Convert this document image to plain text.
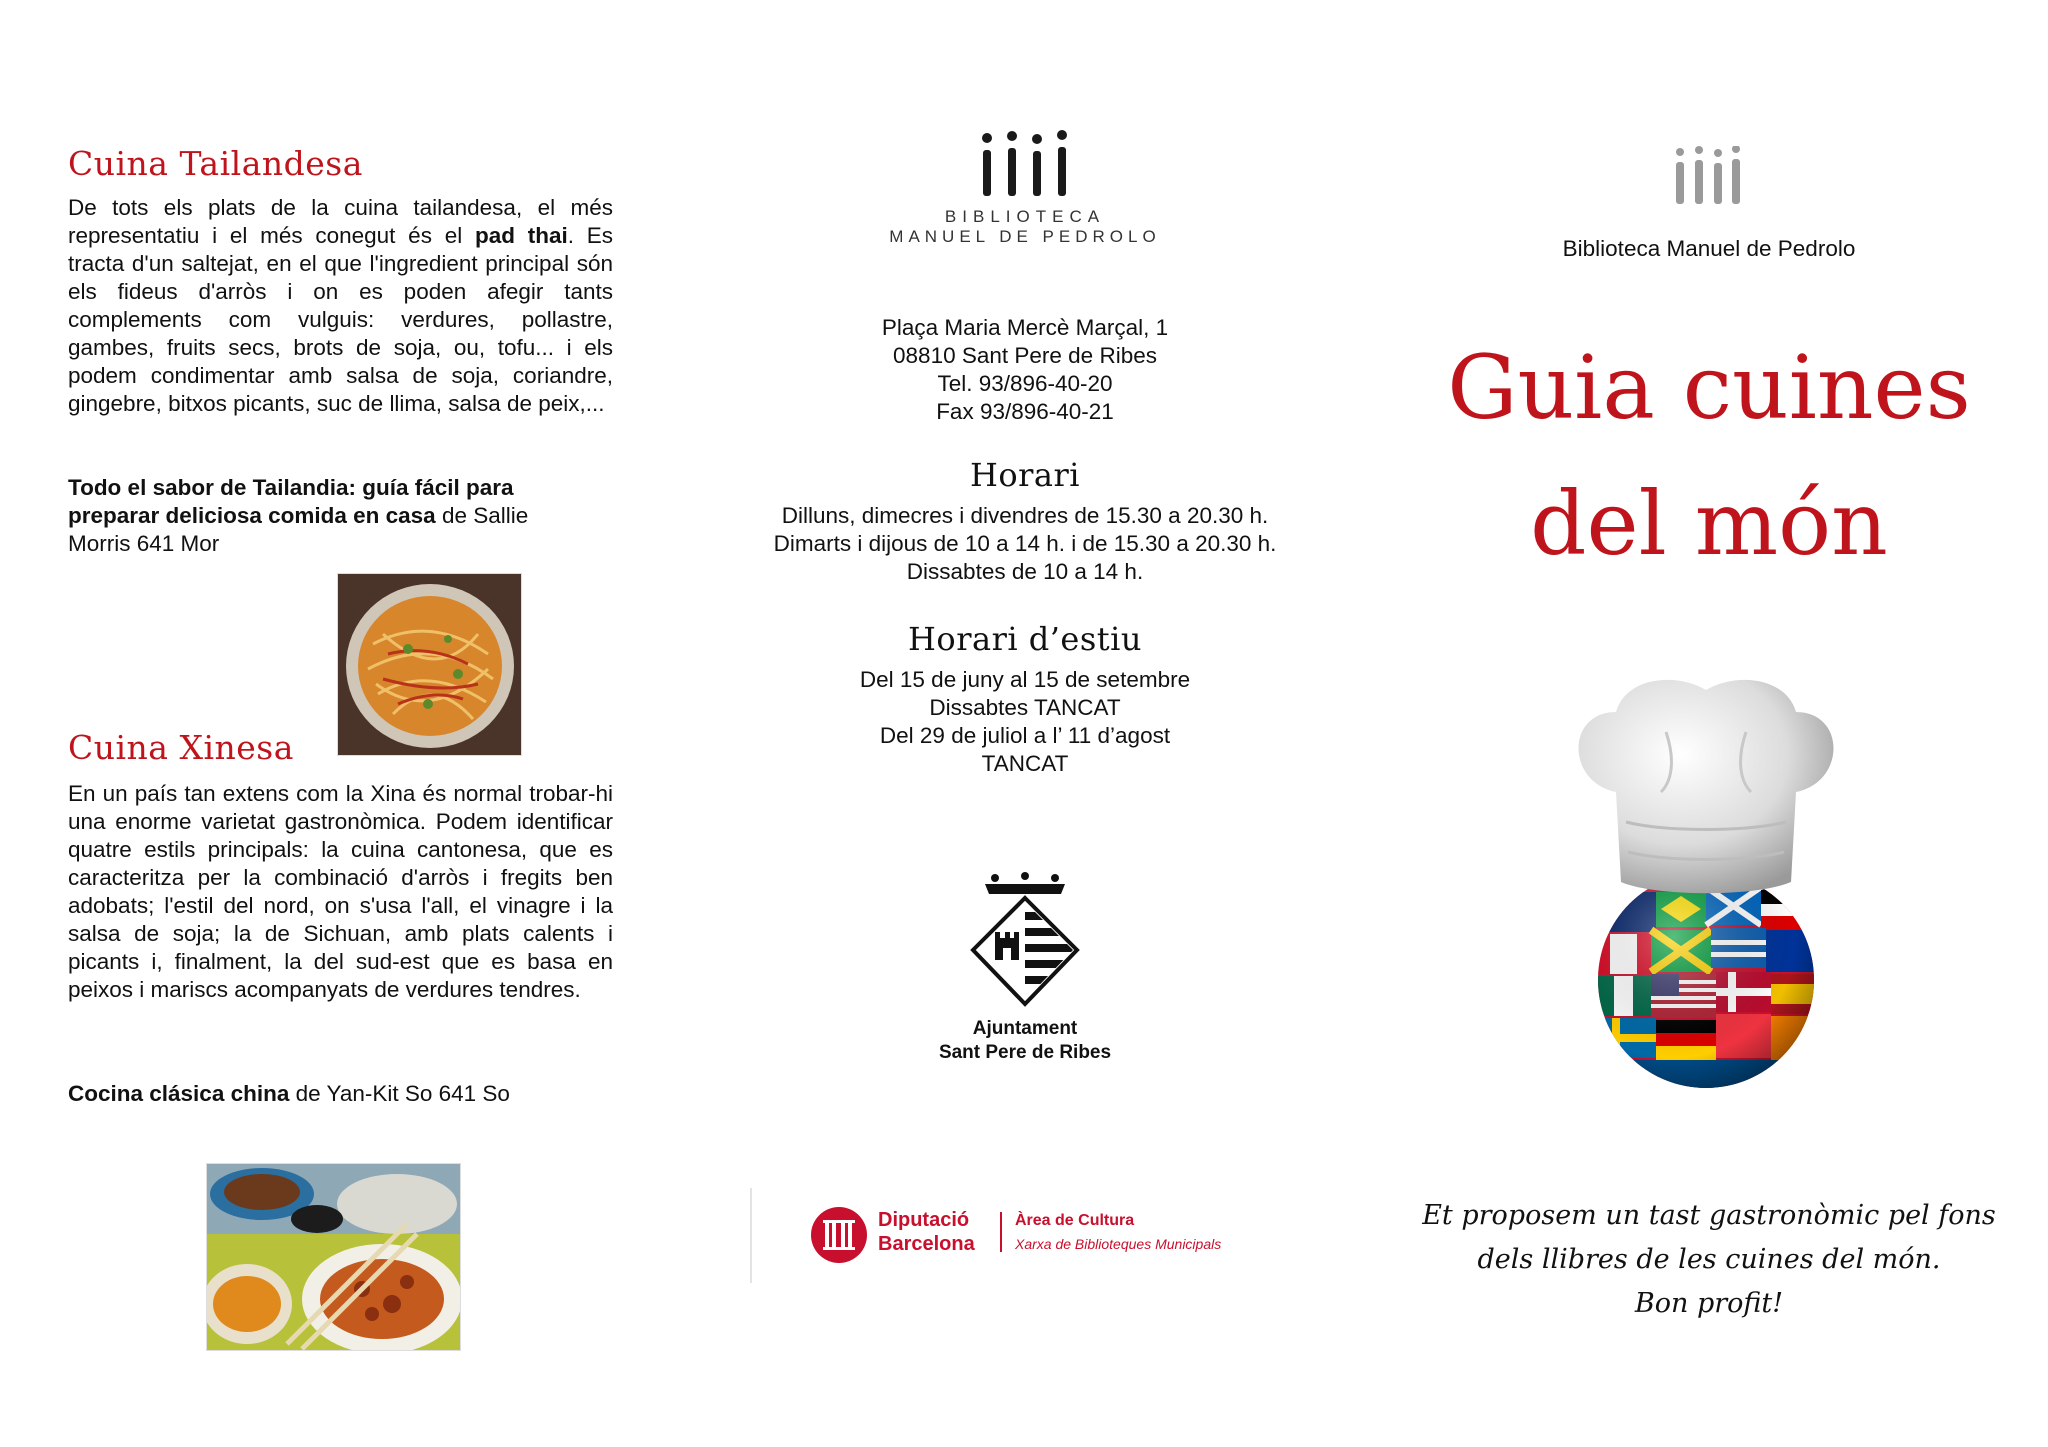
Cuina Tailandesa

De tots els plats de la cuina tailandesa, el més representatiu i el més conegut és el pad thai. Es tracta d'un saltejat, en el que l'ingredient principal són els fideus d'arròs i on es poden afegir tants complements com vulguis: verdures, pollastre, gambes, fruits secs, brots de soja, ou, tofu... i els podem condimentar amb salsa de soja, coriandre, gingebre, bitxos picants, suc de llima, salsa de peix,...

Todo el sabor de Tailandia: guía fácil para preparar deliciosa comida en casa de Sallie Morris 641 Mor

Cuina Xinesa

En un país tan extens com la Xina és normal trobar-hi una enorme varietat gastronòmica. Podem identificar quatre estils principals: la cuina cantonesa, que es caracteritza per la combinació d'arròs i fregits ben adobats; l'estil del nord, on s'usa l'all, el vinagre i la salsa de soja; la de Sichuan, amb plats calents i picants i, finalment, la del sud-est que es basa en peixos i mariscs acompanyats de verdures tendres.

Cocina clásica china de Yan-Kit So 641 So

BIBLIOTECA
MANUEL DE PEDROLO
Plaça Maria Mercè Marçal, 1
08810 Sant Pere de Ribes
Tel. 93/896-40-20
Fax 93/896-40-21
Horari
Dilluns, dimecres i divendres de 15.30 a 20.30 h.
Dimarts i dijous de 10 a 14 h. i de 15.30 a 20.30 h.
Dissabtes de 10 a 14 h.
Horari d’estiu
Del 15 de juny al 15 de setembre
Dissabtes TANCAT
Del 29 de juliol a l’ 11 d’agost
TANCAT
Ajuntament
Sant Pere de Ribes
Diputació
Barcelona
Àrea de Cultura
Xarxa de Biblioteques Municipals
Biblioteca Manuel de Pedrolo
Guia cuines
del món
Et proposem un tast gastronòmic pel fons
dels llibres de les cuines del món.
Bon profit!
